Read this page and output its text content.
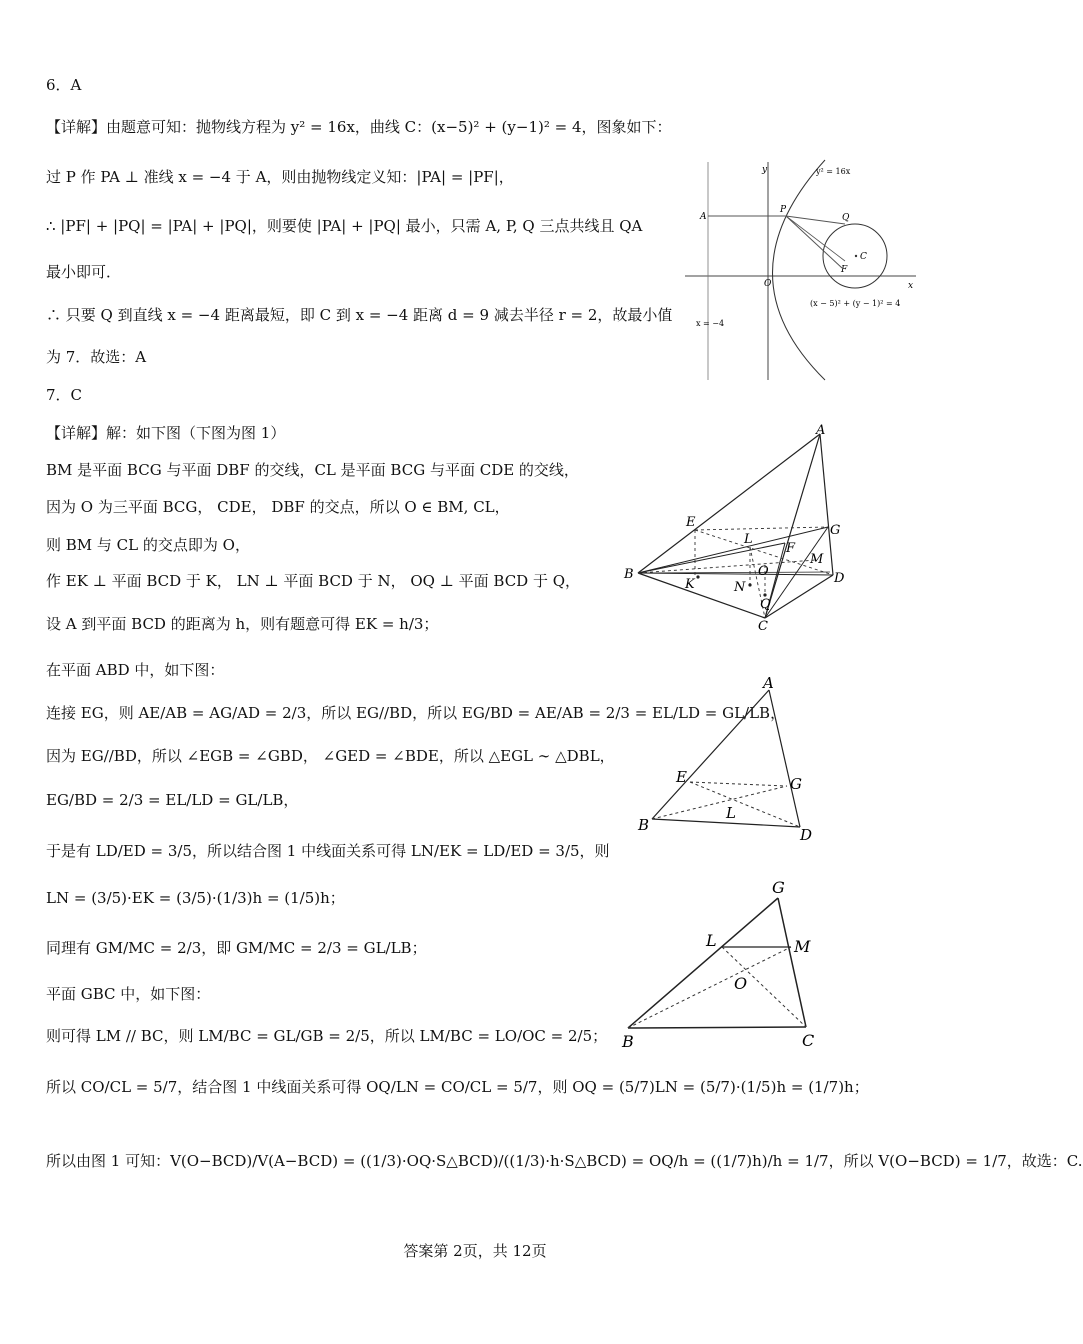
6．A
【详解】由题意可知：抛物线方程为 y² = 16x，曲线 C：(x−5)² + (y−1)² = 4，图象如下：
过 P 作 PA ⊥ 准线 x = −4 于 A，则由抛物线定义知：|PA| = |PF|，
∴ |PF| + |PQ| = |PA| + |PQ|，则要使 |PA| + |PQ| 最小，只需 A, P, Q 三点共线且 QA
最小即可．
∴ 只要 Q 到直线 x = −4 距离最短，即 C 到 x = −4 距离 d = 9 减去半径 r = 2，故最小值
为 7．故选：A
y
x
O
y² = 16x
(x − 5)² + (y − 1)² = 4
x = −4
A
P
Q
C
F
7．C
【详解】解：如下图（下图为图 1）
BM 是平面 BCG 与平面 DBF 的交线，CL 是平面 BCG 与平面 CDE 的交线，
因为 O 为三平面 BCG， CDE， DBF 的交点，所以 O ∈ BM, CL，
则 BM 与 CL 的交点即为 O，
作 EK ⊥ 平面 BCD 于 K， LN ⊥ 平面 BCD 于 N， OQ ⊥ 平面 BCD 于 Q，
设 A 到平面 BCD 的距离为 h，则有题意可得 EK = h/3；
在平面 ABD 中，如下图：
连接 EG，则 AE/AB = AG/AD = 2/3，所以 EG//BD，所以 EG/BD = AE/AB = 2/3 = EL/LD = GL/LB，
因为 EG//BD，所以 ∠EGB = ∠GBD， ∠GED = ∠BDE，所以 △EGL ∼ △DBL，
EG/BD = 2/3 = EL/LD = GL/LB，
于是有 LD/ED = 3/5，所以结合图 1 中线面关系可得 LN/EK = LD/ED = 3/5，则
LN = (3/5)·EK = (3/5)·(1/3)h = (1/5)h；
同理有 GM/MC = 2/3，即 GM/MC = 2/3 = GL/LB；
平面 GBC 中，如下图：
则可得 LM // BC，则 LM/BC = GL/GB = 2/5，所以 LM/BC = LO/OC = 2/5；
所以 CO/CL = 5/7，结合图 1 中线面关系可得 OQ/LN = CO/CL = 5/7，则 OQ = (5/7)LN = (5/7)·(1/5)h = (1/7)h；
所以由图 1 可知：V(O−BCD)/V(A−BCD) = ((1/3)·OQ·S△BCD)/((1/3)·h·S△BCD) = OQ/h = ((1/7)h)/h = 1/7，所以 V(O−BCD) = 1/7，故选：C.
A
B
C
D
E
F
G
L
M
O
K	N
Q
A
B
D
E	G
L
G
B	C
L	M
O
答案第 2页，共 12页
